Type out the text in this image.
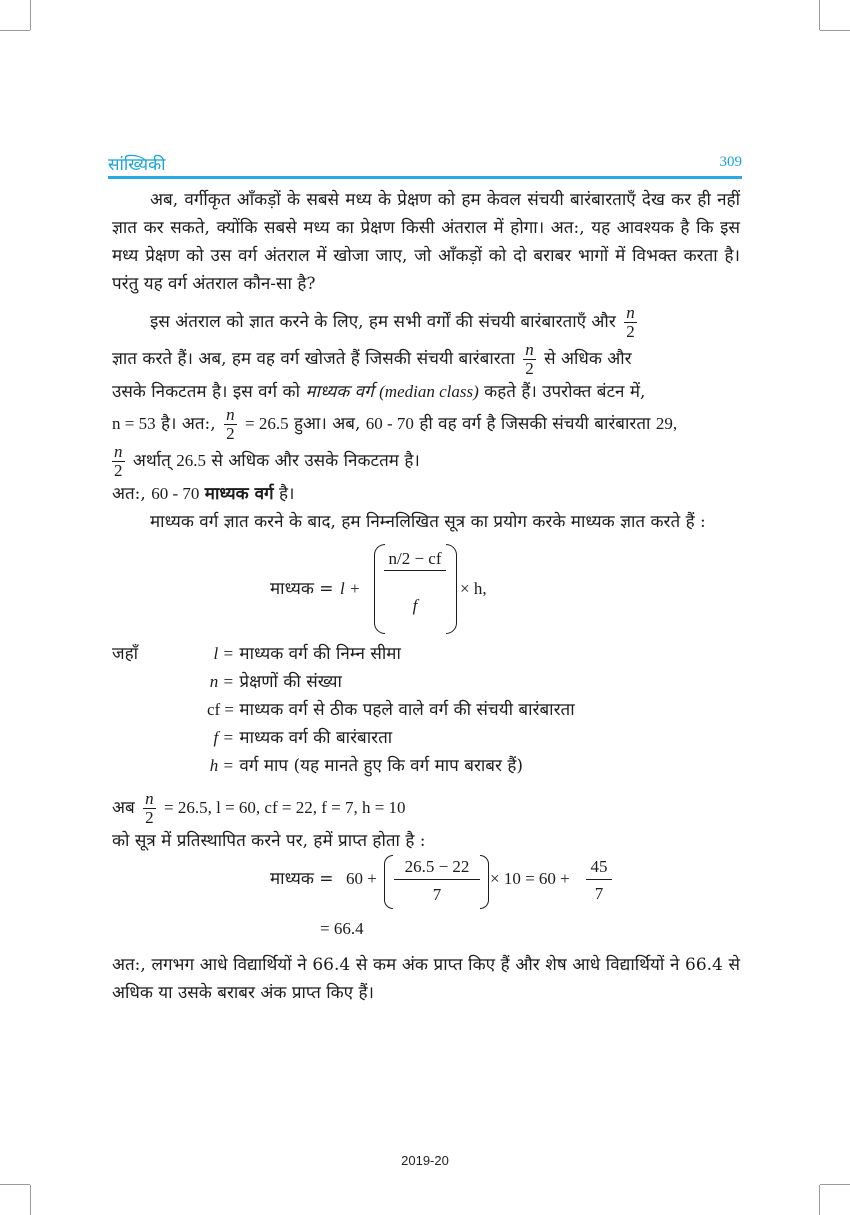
सांख्यिकी	309

अब, वर्गीकृत आँकड़ों के सबसे मध्य के प्रेक्षण को हम केवल संचयी बारंबारताएँ देख कर ही नहीं ज्ञात कर सकते, क्योंकि सबसे मध्य का प्रेक्षण किसी अंतराल में होगा। अत:, यह आवश्यक है कि इस मध्य प्रेक्षण को उस वर्ग अंतराल में खोजा जाए, जो आँकड़ों को दो बराबर भागों में विभक्त करता है। परंतु यह वर्ग अंतराल कौन-सा है?

इस अंतराल को ज्ञात करने के लिए, हम सभी वर्गों की संचयी बारंबारताएँ और $\frac{n}{2}$
ज्ञात करते हैं। अब, हम वह वर्ग खोजते हैं जिसकी संचयी बारंबारता $\frac{n}{2}$ से अधिक और
उसके निकटतम है। इस वर्ग को माध्यक वर्ग (median class) कहते हैं। उपरोक्त बंटन में,
n = 53 है। अत:, $\frac{n}{2} = 26.5$ हुआ। अब, 60 - 70 ही वह वर्ग है जिसकी संचयी बारंबारता 29,
$\frac{n}{2}$ अर्थात् 26.5 से अधिक और उसके निकटतम है।
अत:, 60 - 70 माध्यक वर्ग है।

माध्यक वर्ग ज्ञात करने के बाद, हम निम्नलिखित सूत्र का प्रयोग करके माध्यक ज्ञात करते हैं :

माध्यक = l +
n/2 − cf
f
× h,
जहाँ	l = माध्यक वर्ग की निम्न सीमा
n = प्रेक्षणों की संख्या
cf = माध्यक वर्ग से ठीक पहले वाले वर्ग की संचयी बारंबारता
f = माध्यक वर्ग की बारंबारता
h = वर्ग माप (यह मानते हुए कि वर्ग माप बराबर हैं)
अब $\frac{n}{2} = 26.5$, l = 60, cf = 22, f = 7, h = 10
को सूत्र में प्रतिस्थापित करने पर, हमें प्राप्त होता है :
माध्यक = 60 +
26.5 − 22
7
× $10 = 60 + \frac{45}{7}$
= 66.4

अत:, लगभग आधे विद्यार्थियों ने 66.4 से कम अंक प्राप्त किए हैं और शेष आधे विद्यार्थियों ने 66.4 से अधिक या उसके बराबर अंक प्राप्त किए हैं।

2019-20
